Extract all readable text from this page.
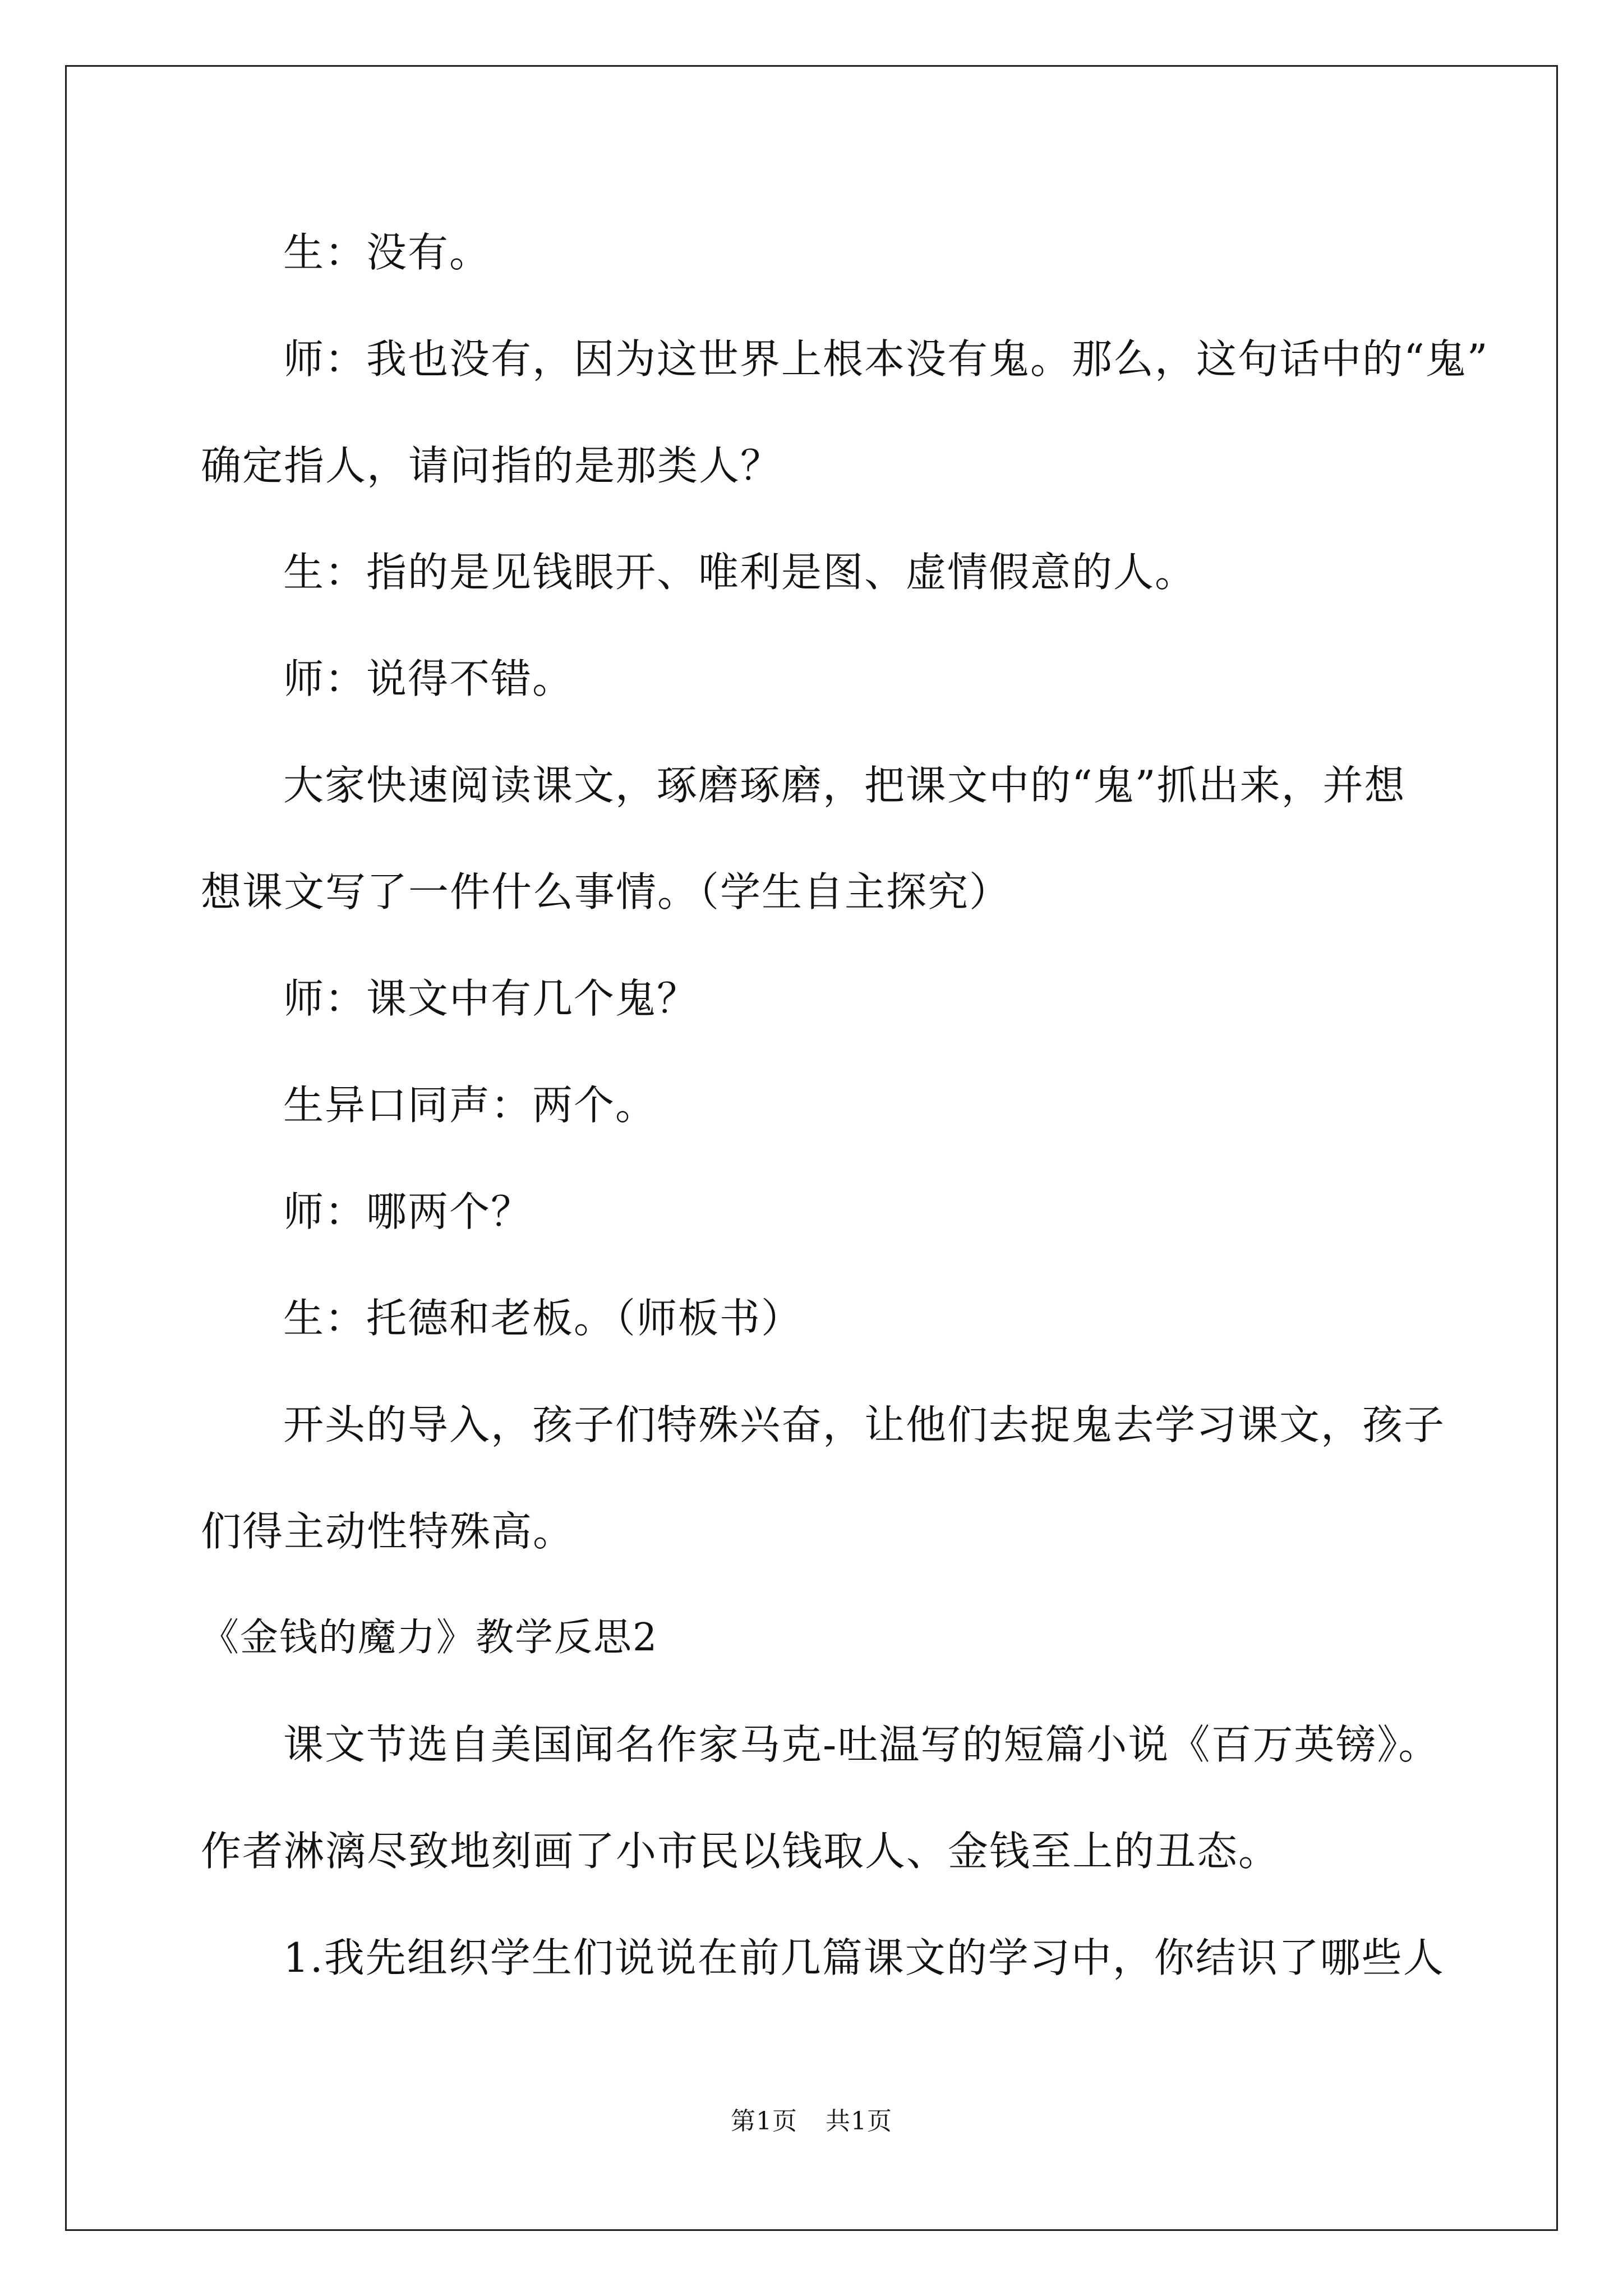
生：没有。
师：我也没有，因为这世界上根本没有鬼。那么，这句话中的“鬼”
确定指人，请问指的是那类人？
生：指的是见钱眼开、唯利是图、虚情假意的人。
师：说得不错。
大家快速阅读课文，琢磨琢磨，把课文中的“鬼”抓出来，并想
想课文写了一件什么事情。（学生自主探究）
师：课文中有几个鬼？
生异口同声：两个。
师：哪两个？
生：托德和老板。（师板书）
开头的导入，孩子们特殊兴奋，让他们去捉鬼去学习课文，孩子
们得主动性特殊高。
《金钱的魔力》教学反思2
课文节选自美国闻名作家马克-吐温写的短篇小说《百万英镑》。
作者淋漓尽致地刻画了小市民以钱取人、金钱至上的丑态。
1.我先组织学生们说说在前几篇课文的学习中，你结识了哪些人
第1页 共1页
